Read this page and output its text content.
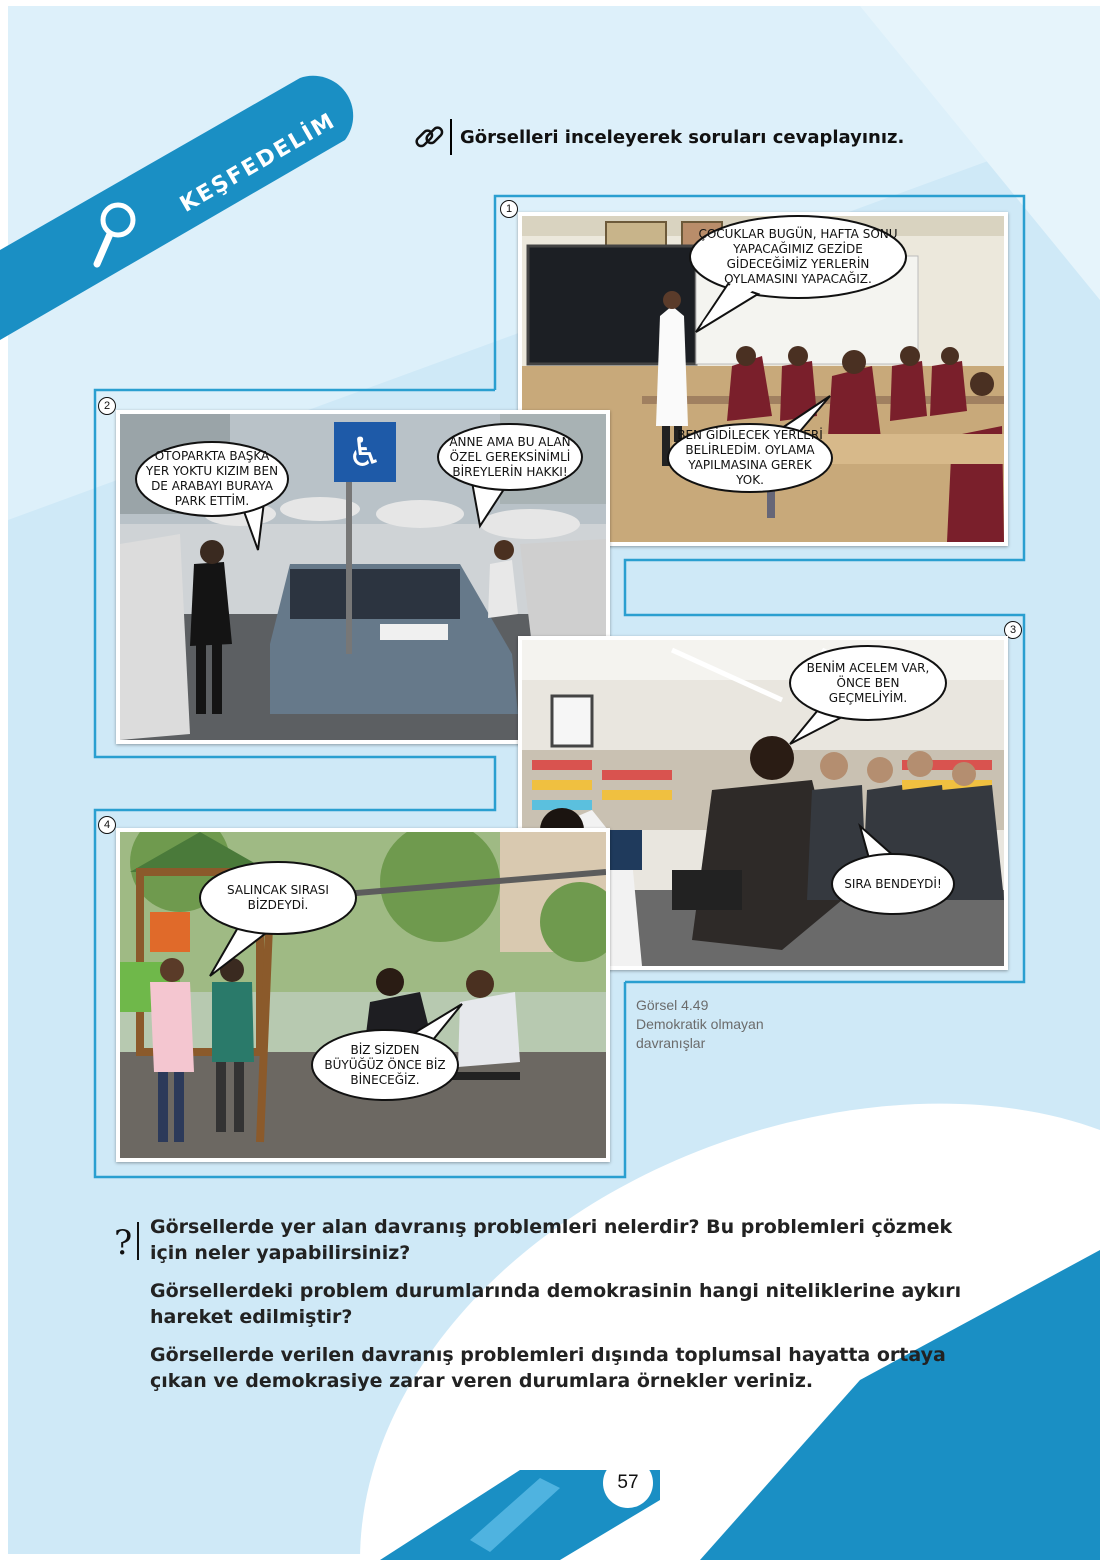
KEŞFEDELİM	Görselleri inceleyerek soruları cevaplayınız.
1
2
3
4
♿
ÇOCUKLAR BUGÜN, HAFTA SONU YAPACAĞIMIZ GEZİDE GİDECEĞİMİZ YERLERİN OYLAMASINI YAPACAĞIZ.
BEN GİDİLECEK YERLERİ BELİRLEDİM. OYLAMA YAPILMASINA GEREK YOK.
OTOPARKTA BAŞKA YER YOKTU KIZIM BEN DE ARABAYI BURAYA PARK ETTİM.
ANNE AMA BU ALAN ÖZEL GEREKSİNİMLİ BİREYLERİN HAKKI!
BENİM ACELEM VAR, ÖNCE BEN GEÇMELİYİM.
SIRA BENDEYDİ!
SALINCAK SIRASI BİZDEYDİ.
BİZ SİZDEN BÜYÜĞÜZ ÖNCE BİZ BİNECEĞİZ.
Görsel 4.49
Demokratik olmayan
davranışlar
? Görsellerde yer alan davranış problemleri nelerdir? Bu problemleri çözmek için neler yapabilirsiniz?
Görsellerdeki problem durumlarında demokrasinin hangi niteliklerine aykırı hareket edilmiştir?
Görsellerde verilen davranış problemleri dışında toplumsal hayatta ortaya çıkan ve demokrasiye zarar veren durumlara örnekler veriniz.
57
